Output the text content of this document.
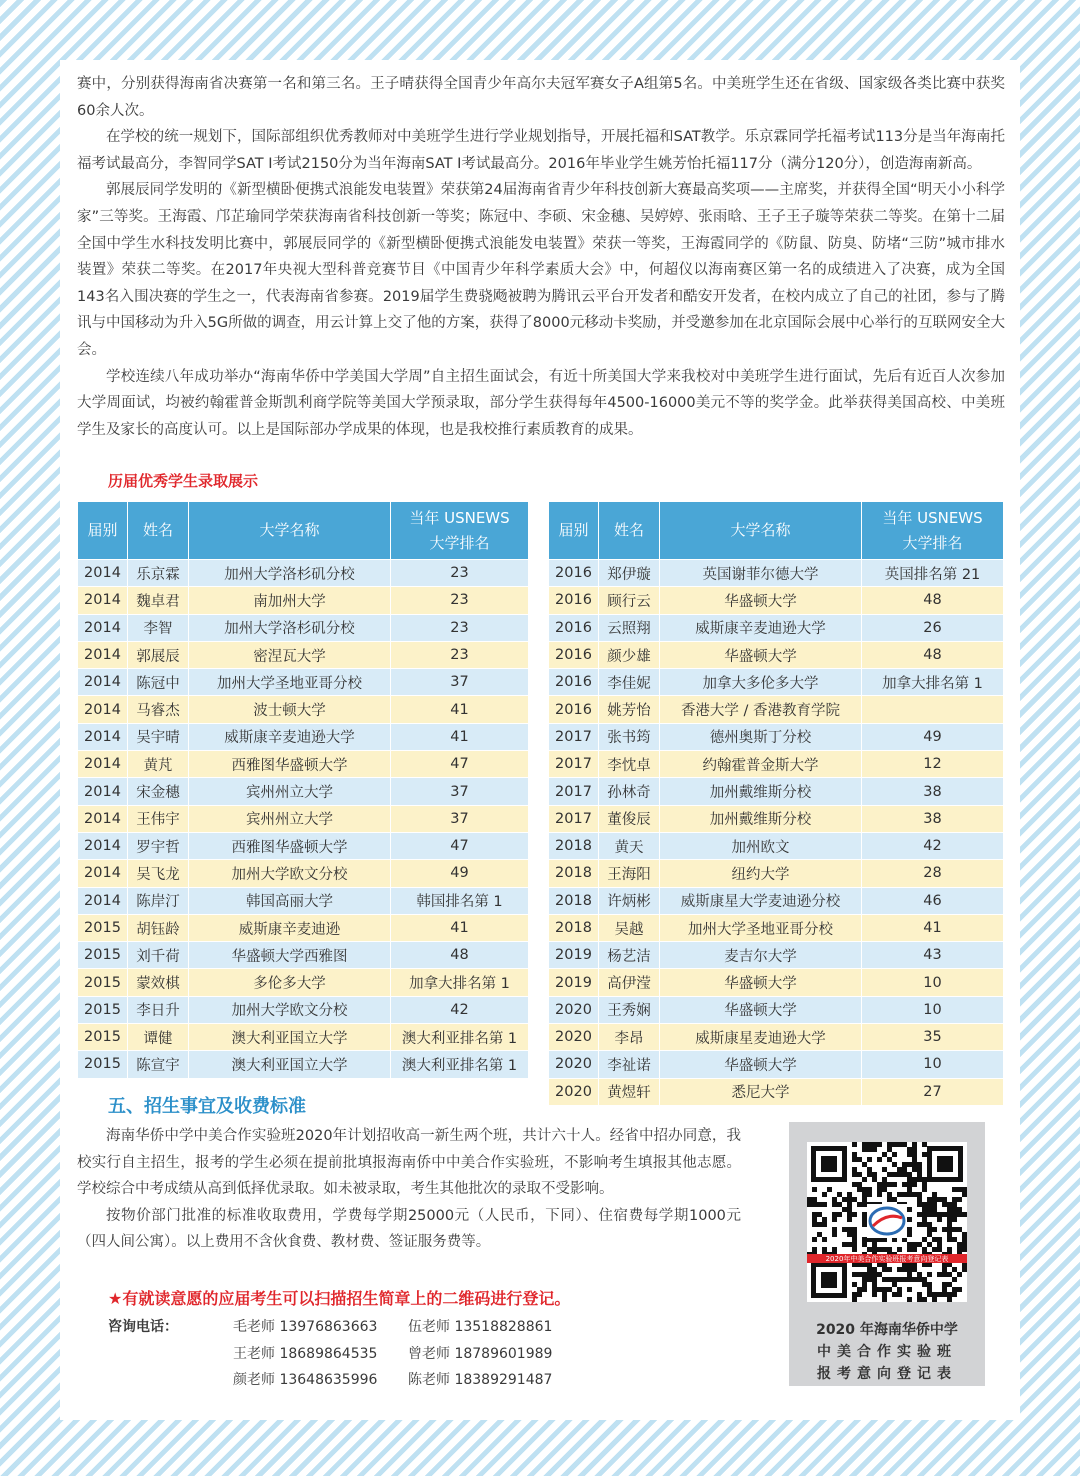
赛中，分别获得海南省决赛第一名和第三名。王子晴获得全国青少年高尔夫冠军赛女子A组第5名。中美班学生还在省级、国家级各类比赛中获奖60余人次。

在学校的统一规划下，国际部组织优秀教师对中美班学生进行学业规划指导，开展托福和SAT教学。乐京霖同学托福考试113分是当年海南托福考试最高分，李智同学SAT Ⅰ考试2150分为当年海南SAT Ⅰ考试最高分。2016年毕业学生姚芳怡托福117分（满分120分），创造海南新高。

郭展辰同学发明的《新型横卧便携式浪能发电装置》荣获第24届海南省青少年科技创新大赛最高奖项——主席奖，并获得全国“明天小小科学家”三等奖。王海霞、邝芷瑜同学荣获海南省科技创新一等奖；陈冠中、李硕、宋金穗、吴婷婷、张雨晗、王子王子璇等荣获二等奖。在第十二届全国中学生水科技发明比赛中，郭展辰同学的《新型横卧便携式浪能发电装置》荣获一等奖，王海霞同学的《防鼠、防臭、防堵“三防”城市排水装置》荣获二等奖。在2017年央视大型科普竞赛节目《中国青少年科学素质大会》中，何超仪以海南赛区第一名的成绩进入了决赛，成为全国143名入围决赛的学生之一，代表海南省参赛。2019届学生费骁飏被聘为腾讯云平台开发者和酷安开发者，在校内成立了自己的社团，参与了腾讯与中国移动为升入5G所做的调查，用云计算上交了他的方案，获得了8000元移动卡奖励，并受邀参加在北京国际会展中心举行的互联网安全大会。

学校连续八年成功举办“海南华侨中学美国大学周”自主招生面试会，有近十所美国大学来我校对中美班学生进行面试，先后有近百人次参加大学周面试，均被约翰霍普金斯凯利商学院等美国大学预录取，部分学生获得每年4500-16000美元不等的奖学金。此举获得美国高校、中美班学生及家长的高度认可。以上是国际部办学成果的体现，也是我校推行素质教育的成果。

历届优秀学生录取展示
届别	姓名	大学名称	当年 USNEWS
大学排名

2014	乐京霖	加州大学洛杉矶分校	23
2014	魏卓君	南加州大学	23
2014	李智	加州大学洛杉矶分校	23
2014	郭展辰	密涅瓦大学	23
2014	陈冠中	加州大学圣地亚哥分校	37
2014	马睿杰	波士顿大学	41
2014	吴宇晴	威斯康辛麦迪逊大学	41
2014	黄芃	西雅图华盛顿大学	47
2014	宋金穗	宾州州立大学	37
2014	王伟宇	宾州州立大学	37
2014	罗宇哲	西雅图华盛顿大学	47
2014	吴飞龙	加州大学欧文分校	49
2014	陈岸汀	韩国高丽大学	韩国排名第 1
2015	胡钰龄	威斯康辛麦迪逊	41
2015	刘千荷	华盛顿大学西雅图	48
2015	蒙效棋	多伦多大学	加拿大排名第 1
2015	李日升	加州大学欧文分校	42
2015	谭健	澳大利亚国立大学	澳大利亚排名第 1
2015	陈宣宇	澳大利亚国立大学	澳大利亚排名第 1
届别	姓名	大学名称	当年 USNEWS
大学排名

2016	郑伊璇	英国谢菲尔德大学	英国排名第 21
2016	顾行云	华盛顿大学	48
2016	云照翔	威斯康辛麦迪逊大学	26
2016	颜少雄	华盛顿大学	48
2016	李佳妮	加拿大多伦多大学	加拿大排名第 1
2016	姚芳怡	香港大学 / 香港教育学院	
2017	张书筠	德州奥斯丁分校	49
2017	李忱卓	约翰霍普金斯大学	12
2017	孙林奇	加州戴维斯分校	38
2017	董俊辰	加州戴维斯分校	38
2018	黄天	加州欧文	42
2018	王海阳	纽约大学	28
2018	许炳彬	威斯康星大学麦迪逊分校	46
2018	吴越	加州大学圣地亚哥分校	41
2019	杨艺洁	麦吉尔大学	43
2019	高伊滢	华盛顿大学	10
2020	王秀娴	华盛顿大学	10
2020	李昂	威斯康星麦迪逊大学	35
2020	李祉诺	华盛顿大学	10
2020	黄煜轩	悉尼大学	27
五、招生事宜及收费标准

海南华侨中学中美合作实验班2020年计划招收高一新生两个班，共计六十人。经省中招办同意，我校实行自主招生，报考的学生必须在提前批填报海南侨中中美合作实验班，不影响考生填报其他志愿。学校综合中考成绩从高到低择优录取。如未被录取，考生其他批次的录取不受影响。

按物价部门批准的标准收取费用，学费每学期25000元（人民币，下同）、住宿费每学期1000元（四人间公寓）。以上费用不含伙食费、教材费、签证服务费等。

★有就读意愿的应届考生可以扫描招生简章上的二维码进行登记。
咨询电话：	毛老师 13976863663	伍老师 13518828861
王老师 18689864535	曾老师 18789601989
颜老师 13648635996	陈老师 18389291487
2020年中美合作实验班报考意向登记表
2020 年海南华侨中学
中美合作实验班
报考意向登记表
